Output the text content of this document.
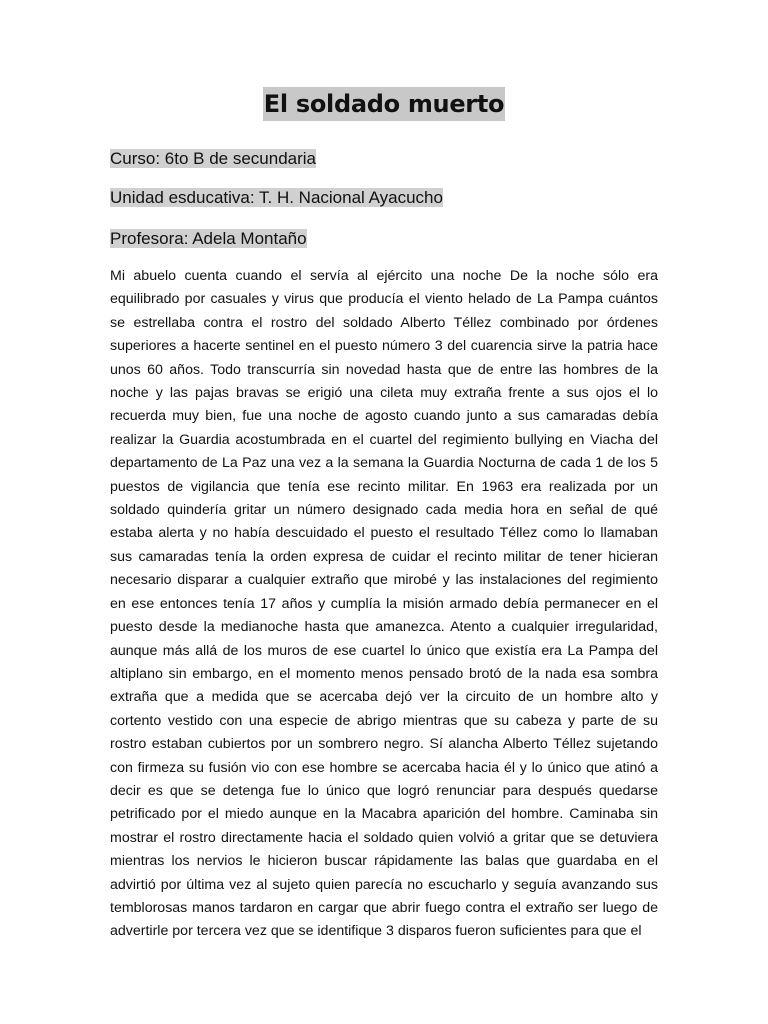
El soldado muerto
Curso: 6to B de secundaria
Unidad esducativa: T. H. Nacional Ayacucho
Profesora: Adela Montaño

Mi abuelo cuenta cuando el servía al ejército una noche De la noche sólo era equilibrado por casuales y virus que producía el viento helado de La Pampa cuántos se estrellaba contra el rostro del soldado Alberto Téllez combinado por órdenes superiores a hacerte sentinel en el puesto número 3 del cuarencia sirve la patria hace unos 60 años. Todo transcurría sin novedad hasta que de entre las hombres de la noche y las pajas bravas se erigió una cileta muy extraña frente a sus ojos el lo recuerda muy bien, fue una noche de agosto cuando junto a sus camaradas debía realizar la Guardia acostumbrada en el cuartel del regimiento bullying en Viacha del departamento de La Paz una vez a la semana la Guardia Nocturna de cada 1 de los 5 puestos de vigilancia que tenía ese recinto militar. En 1963 era realizada por un soldado quindería gritar un número designado cada media hora en señal de qué estaba alerta y no había descuidado el puesto el resultado Téllez como lo llamaban sus camaradas tenía la orden expresa de cuidar el recinto militar de tener hicieran necesario disparar a cualquier extraño que mirobé y las instalaciones del regimiento en ese entonces tenía 17 años y cumplía la misión armado debía permanecer en el puesto desde la medianoche hasta que amanezca. Atento a cualquier irregularidad, aunque más allá de los muros de ese cuartel lo único que existía era La Pampa del altiplano sin embargo, en el momento menos pensado brotó de la nada esa sombra extraña que a medida que se acercaba dejó ver la circuito de un hombre alto y cortento vestido con una especie de abrigo mientras que su cabeza y parte de su rostro estaban cubiertos por un sombrero negro. Sí alancha Alberto Téllez sujetando con firmeza su fusión vio con ese hombre se acercaba hacia él y lo único que atinó a decir es que se detenga fue lo único que logró renunciar para después quedarse petrificado por el miedo aunque en la Macabra aparición del hombre. Caminaba sin mostrar el rostro directamente hacia el soldado quien volvió a gritar que se detuviera mientras los nervios le hicieron buscar rápidamente las balas que guardaba en el advirtió por última vez al sujeto quien parecía no escucharlo y seguía avanzando sus temblorosas manos tardaron en cargar que abrir fuego contra el extraño ser luego de advertirle por tercera vez que se identifique 3 disparos fueron suficientes para que el
